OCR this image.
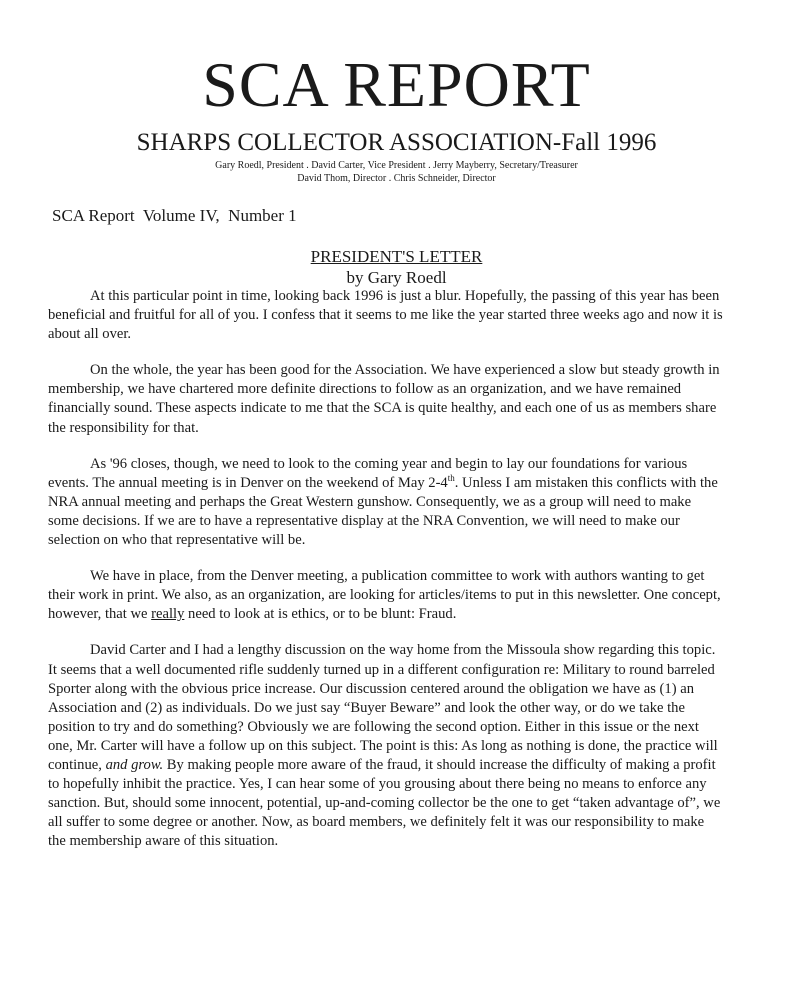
SCA REPORT
SHARPS COLLECTOR ASSOCIATION-Fall 1996
Gary Roedl, President . David Carter, Vice President . Jerry Mayberry, Secretary/Treasurer
David Thom, Director . Chris Schneider, Director
SCA Report  Volume IV,  Number 1
PRESIDENT'S LETTER
by Gary Roedl

At this particular point in time, looking back 1996 is just a blur. Hopefully, the passing of this year has been beneficial and fruitful for all of you. I confess that it seems to me like the year started three weeks ago and now it is about all over.

On the whole, the year has been good for the Association. We have experienced a slow but steady growth in membership, we have chartered more definite directions to follow as an organization, and we have remained financially sound. These aspects indicate to me that the SCA is quite healthy, and each one of us as members share the responsibility for that.

As '96 closes, though, we need to look to the coming year and begin to lay our foundations for various events. The annual meeting is in Denver on the weekend of May 2-4th. Unless I am mistaken this conflicts with the NRA annual meeting and perhaps the Great Western gunshow. Consequently, we as a group will need to make some decisions. If we are to have a representative display at the NRA Convention, we will need to make our selection on who that representative will be.

We have in place, from the Denver meeting, a publication committee to work with authors wanting to get their work in print. We also, as an organization, are looking for articles/items to put in this newsletter. One concept, however, that we really need to look at is ethics, or to be blunt: Fraud.

David Carter and I had a lengthy discussion on the way home from the Missoula show regarding this topic. It seems that a well documented rifle suddenly turned up in a different configuration re: Military to round barreled Sporter along with the obvious price increase. Our discussion centered around the obligation we have as (1) an Association and (2) as individuals. Do we just say “Buyer Beware” and look the other way, or do we take the position to try and do something? Obviously we are following the second option. Either in this issue or the next one, Mr. Carter will have a follow up on this subject. The point is this: As long as nothing is done, the practice will continue, and grow. By making people more aware of the fraud, it should increase the difficulty of making a profit to hopefully inhibit the practice. Yes, I can hear some of you grousing about there being no means to enforce any sanction. But, should some innocent, potential, up-and-coming collector be the one to get “taken advantage of”, we all suffer to some degree or another. Now, as board members, we definitely felt it was our responsibility to make the membership aware of this situation.
